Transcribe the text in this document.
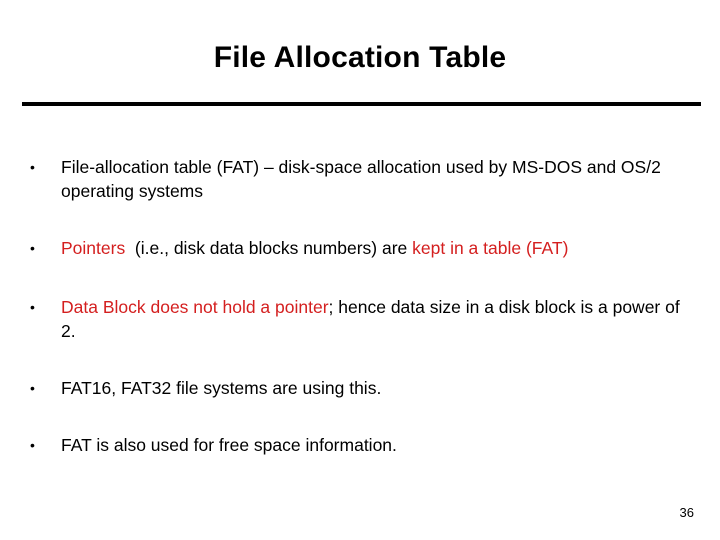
File Allocation Table
• File-allocation table (FAT) – disk-space allocation used by MS-DOS and OS/2 operating systems
• Pointers  (i.e., disk data blocks numbers) are kept in a table (FAT)
• Data Block does not hold a pointer; hence data size in a disk block is a power of 2.
• FAT16, FAT32 file systems are using this.
• FAT is also used for free space information.
36
